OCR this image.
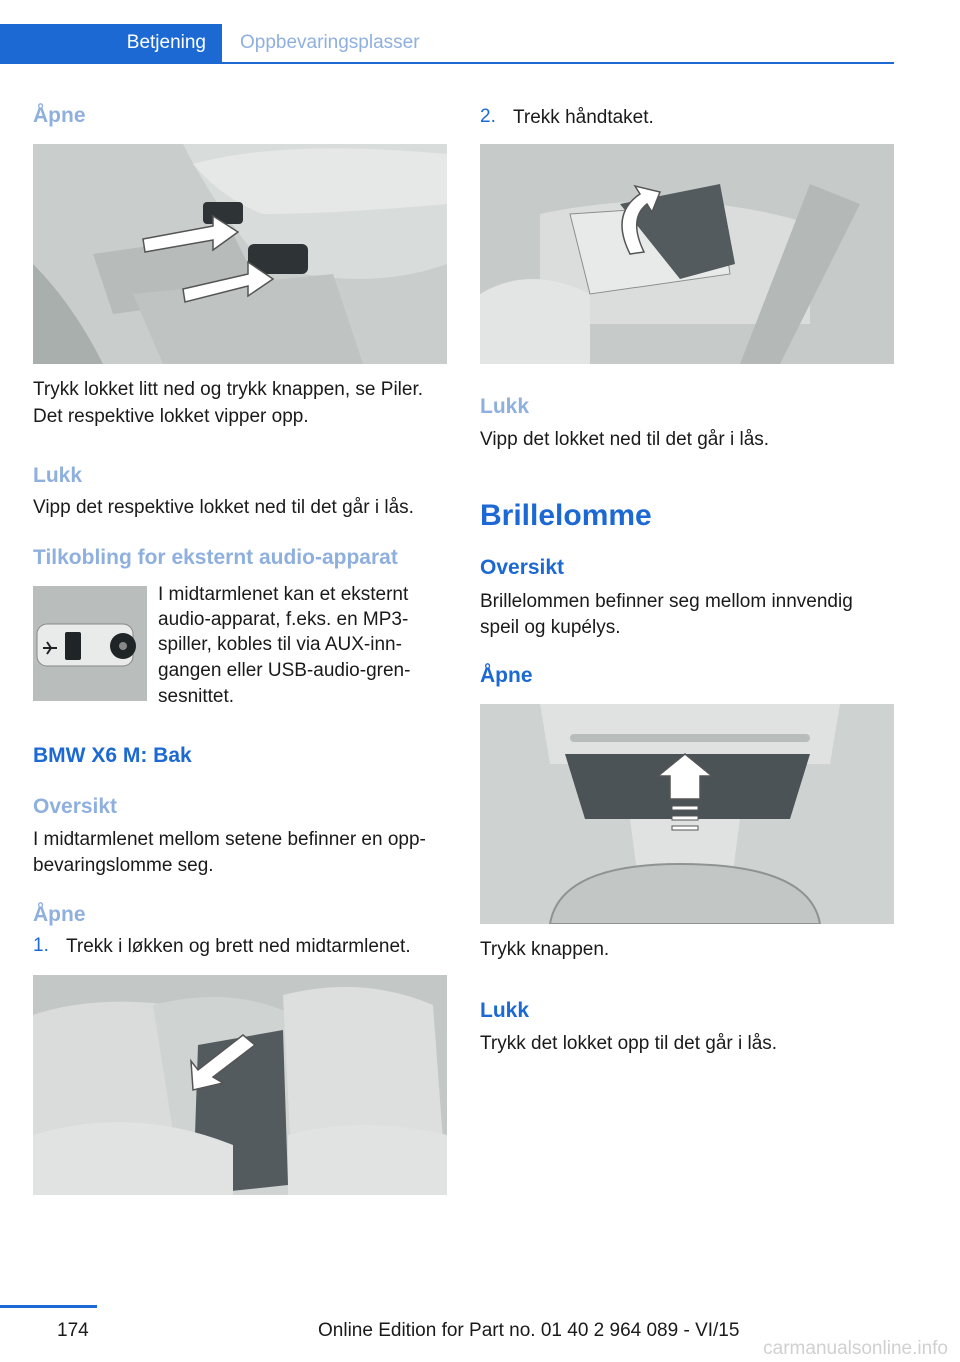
Betjening Oppbevaringsplasser
Åpne
Trykk lokket litt ned og trykk knappen, se Piler.
Det respektive lokket vipper opp.
Lukk
Vipp det respektive lokket ned til det går i lås.
Tilkobling for eksternt audio-apparat
I midtarmlenet kan et eksternt
audio-apparat, f.eks. en MP3-
spiller, kobles til via AUX-inn-
gangen eller USB-audio-gren-
sesnittet.
BMW X6 M: Bak
Oversikt
I midtarmlenet mellom setene befinner en opp-
bevaringslomme seg.
Åpne
1. Trekk i løkken og brett ned midtarmlenet.
2. Trekk håndtaket.
Lukk
Vipp det lokket ned til det går i lås.
Brillelomme
Oversikt
Brillelommen befinner seg mellom innvendig
speil og kupélys.
Åpne
Trykk knappen.
Lukk
Trykk det lokket opp til det går i lås.
174	Online Edition for Part no. 01 40 2 964 089 - VI/15
carmanualsonline.info
